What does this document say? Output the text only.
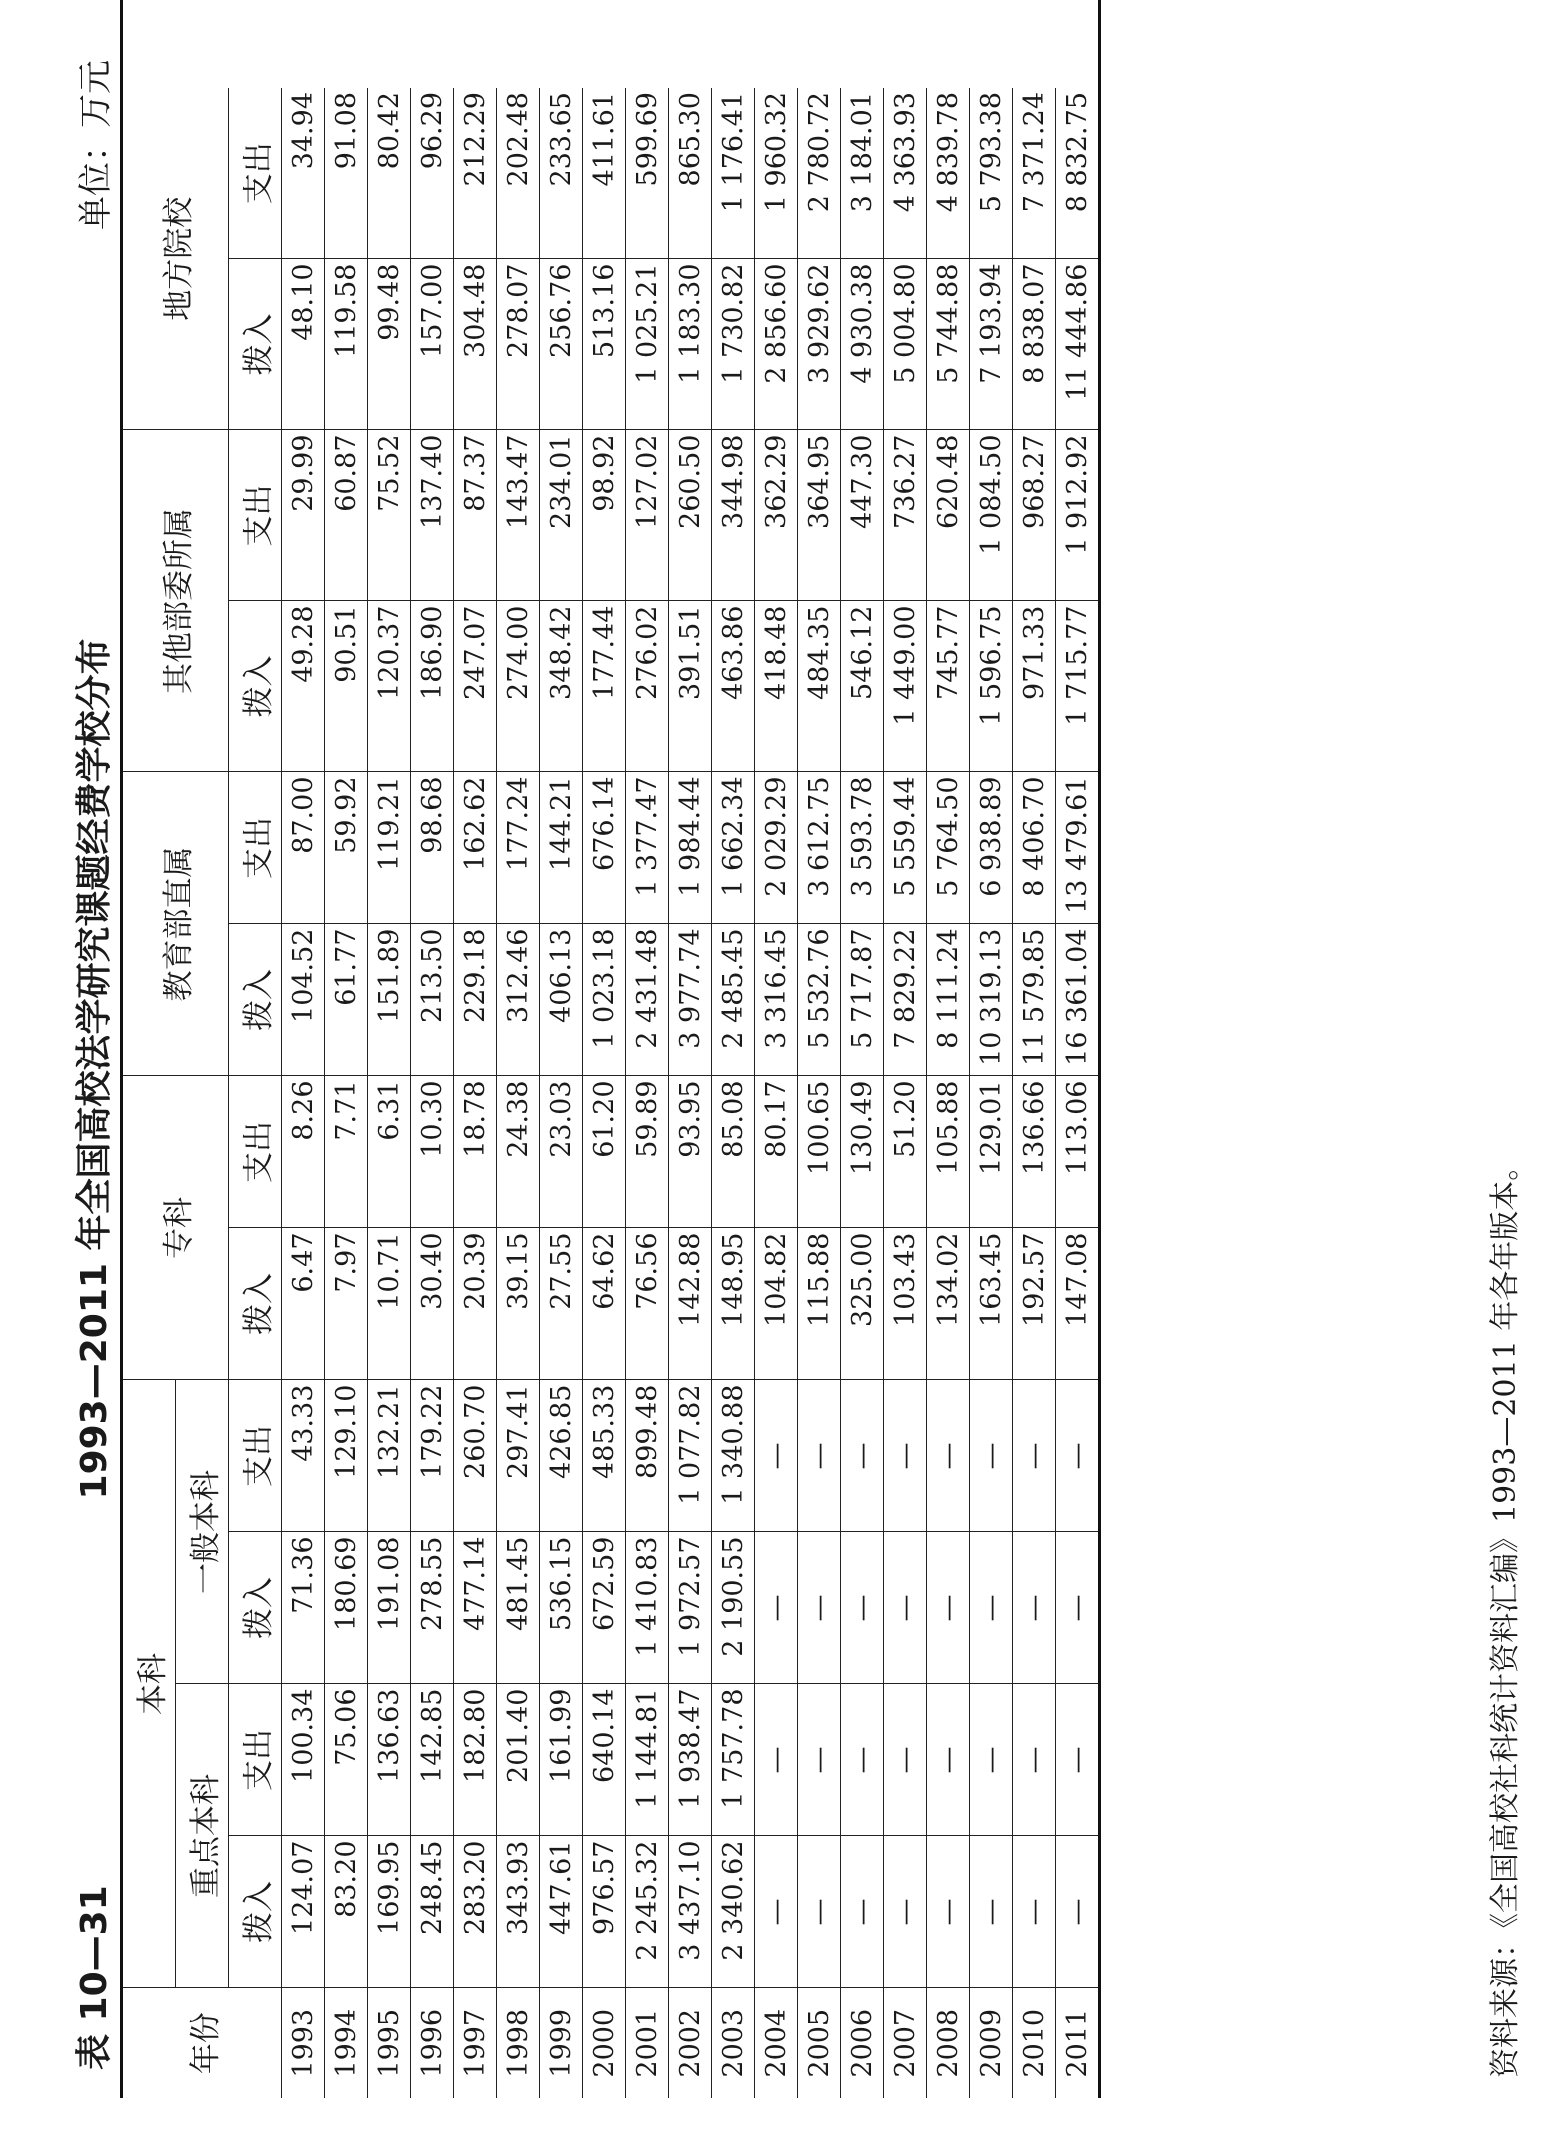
表 10—31
1993—2011 年全国高校法学研究课题经费学校分布
单位：万元
年份	本科				专科		教育部直属		其他部委所属		地方院校	
	重点本科		一般本科									
	拨入	支出	拨入	支出	拨入	支出	拨入	支出	拨入	支出	拨入	支出
1993	124.07	100.34	71.36	43.33	6.47	8.26	104.52	87.00	49.28	29.99	48.10	34.94
1994	83.20	75.06	180.69	129.10	7.97	7.71	61.77	59.92	90.51	60.87	119.58	91.08
1995	169.95	136.63	191.08	132.21	10.71	6.31	151.89	119.21	120.37	75.52	99.48	80.42
1996	248.45	142.85	278.55	179.22	30.40	10.30	213.50	98.68	186.90	137.40	157.00	96.29
1997	283.20	182.80	477.14	260.70	20.39	18.78	229.18	162.62	247.07	87.37	304.48	212.29
1998	343.93	201.40	481.45	297.41	39.15	24.38	312.46	177.24	274.00	143.47	278.07	202.48
1999	447.61	161.99	536.15	426.85	27.55	23.03	406.13	144.21	348.42	234.01	256.76	233.65
2000	976.57	640.14	672.59	485.33	64.62	61.20	1 023.18	676.14	177.44	98.92	513.16	411.61
2001	2 245.32	1 144.81	1 410.83	899.48	76.56	59.89	2 431.48	1 377.47	276.02	127.02	1 025.21	599.69
2002	3 437.10	1 938.47	1 972.57	1 077.82	142.88	93.95	3 977.74	1 984.44	391.51	260.50	1 183.30	865.30
2003	2 340.62	1 757.78	2 190.55	1 340.88	148.95	85.08	2 485.45	1 662.34	463.86	344.98	1 730.82	1 176.41
2004	—	—	—	—	104.82	80.17	3 316.45	2 029.29	418.48	362.29	2 856.60	1 960.32
2005	—	—	—	—	115.88	100.65	5 532.76	3 612.75	484.35	364.95	3 929.62	2 780.72
2006	—	—	—	—	325.00	130.49	5 717.87	3 593.78	546.12	447.30	4 930.38	3 184.01
2007	—	—	—	—	103.43	51.20	7 829.22	5 559.44	1 449.00	736.27	5 004.80	4 363.93
2008	—	—	—	—	134.02	105.88	8 111.24	5 764.50	745.77	620.48	5 744.88	4 839.78
2009	—	—	—	—	163.45	129.01	10 319.13	6 938.89	1 596.75	1 084.50	7 193.94	5 793.38
2010	—	—	—	—	192.57	136.66	11 579.85	8 406.70	971.33	968.27	8 838.07	7 371.24
2011	—	—	—	—	147.08	113.06	16 361.04	13 479.61	1 715.77	1 912.92	11 444.86	8 832.75
资料来源：《全国高校社科统计资料汇编》1993—2011 年各年版本。
